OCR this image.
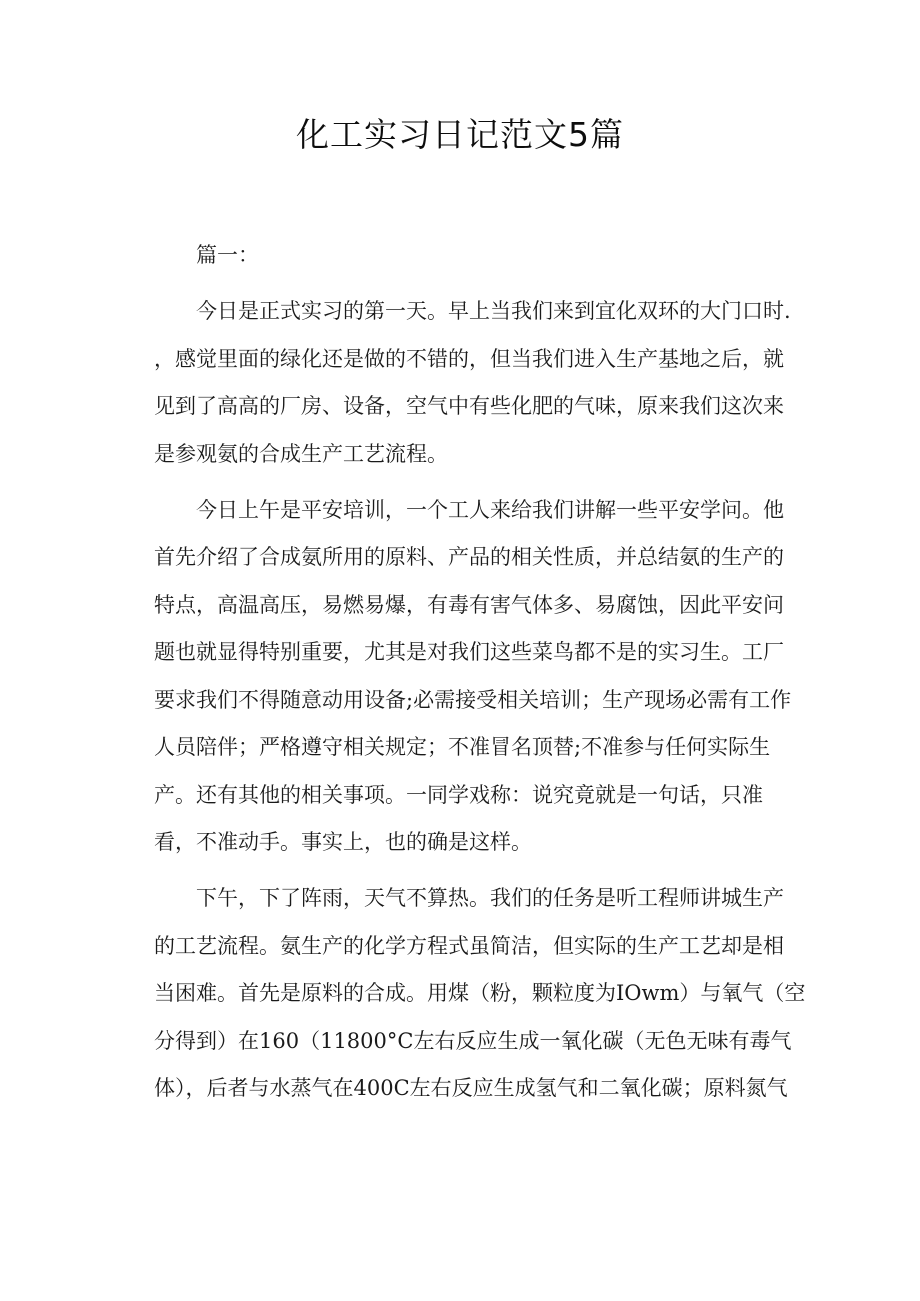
化工实习日记范文5篇
篇一：
今日是正式实习的第一天。早上当我们来到宜化双环的大门口时.
，感觉里面的绿化还是做的不错的，但当我们进入生产基地之后，就
见到了高高的厂房、设备，空气中有些化肥的气味，原来我们这次来
是参观氨的合成生产工艺流程。
今日上午是平安培训，一个工人来给我们讲解一些平安学问。他
首先介绍了合成氨所用的原料、产品的相关性质，并总结氨的生产的
特点，高温高压，易燃易爆，有毒有害气体多、易腐蚀，因此平安问
题也就显得特别重要，尤其是对我们这些菜鸟都不是的实习生。工厂
要求我们不得随意动用设备;必需接受相关培训；生产现场必需有工作
人员陪伴；严格遵守相关规定；不准冒名顶替;不准参与任何实际生
产。还有其他的相关事项。一同学戏称：说究竟就是一句话，只准
看，不准动手。事实上，也的确是这样。
下午，下了阵雨，天气不算热。我们的任务是听工程师讲城生产
的工艺流程。氨生产的化学方程式虽简洁，但实际的生产工艺却是相
当困难。首先是原料的合成。用煤（粉，颗粒度为IOwm）与氧气（空
分得到）在160（11800°C左右反应生成一氧化碳（无色无味有毒气
体），后者与水蒸气在400C左右反应生成氢气和二氧化碳；原料氮气
